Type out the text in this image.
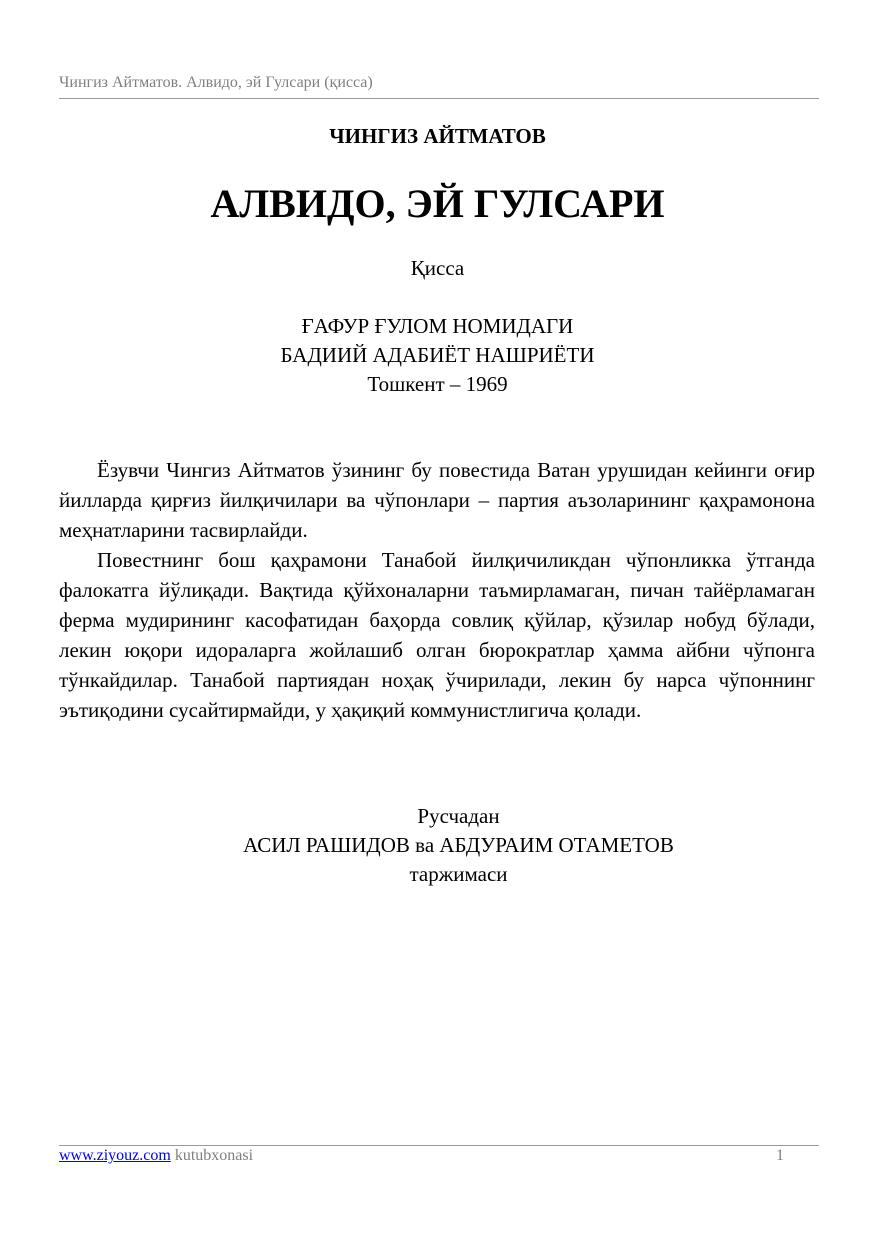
Чингиз Айтматов. Алвидо, эй Гулсари (қисса)
ЧИНГИЗ АЙТМАТОВ
АЛВИДО, ЭЙ ГУЛСАРИ
Қисса
ҒАФУР ҒУЛОМ НОМИДАГИ
БАДИИЙ АДАБИЁТ НАШРИЁТИ
Тошкент – 1969

Ёзувчи Чингиз Айтматов ўзининг бу повестида Ватан урушидан кейинги оғир йилларда қирғиз йилқичилари ва чўпонлари – партия аъзоларининг қаҳрамонона меҳнатларини тасвирлайди.

Повестнинг бош қаҳрамони Танабой йилқичиликдан чўпонликка ўтганда фалокатга йўлиқади. Вақтида қўйхоналарни таъмирламаган, пичан тайёрламаган ферма мудирининг касофатидан баҳорда совлиқ қўйлар, қўзилар нобуд бўлади, лекин юқори идораларга жойлашиб олган бюрократлар ҳамма айбни чўпонга тўнкайдилар. Танабой партиядан ноҳақ ўчирилади, лекин бу нарса чўпоннинг эътиқодини сусайтирмайди, у ҳақиқий коммунистлигича қолади.

Русчадан
АСИЛ РАШИДОВ ва АБДУРАИМ ОТАМЕТОВ
таржимаси
www.ziyouz.com kutubxonasi	1
